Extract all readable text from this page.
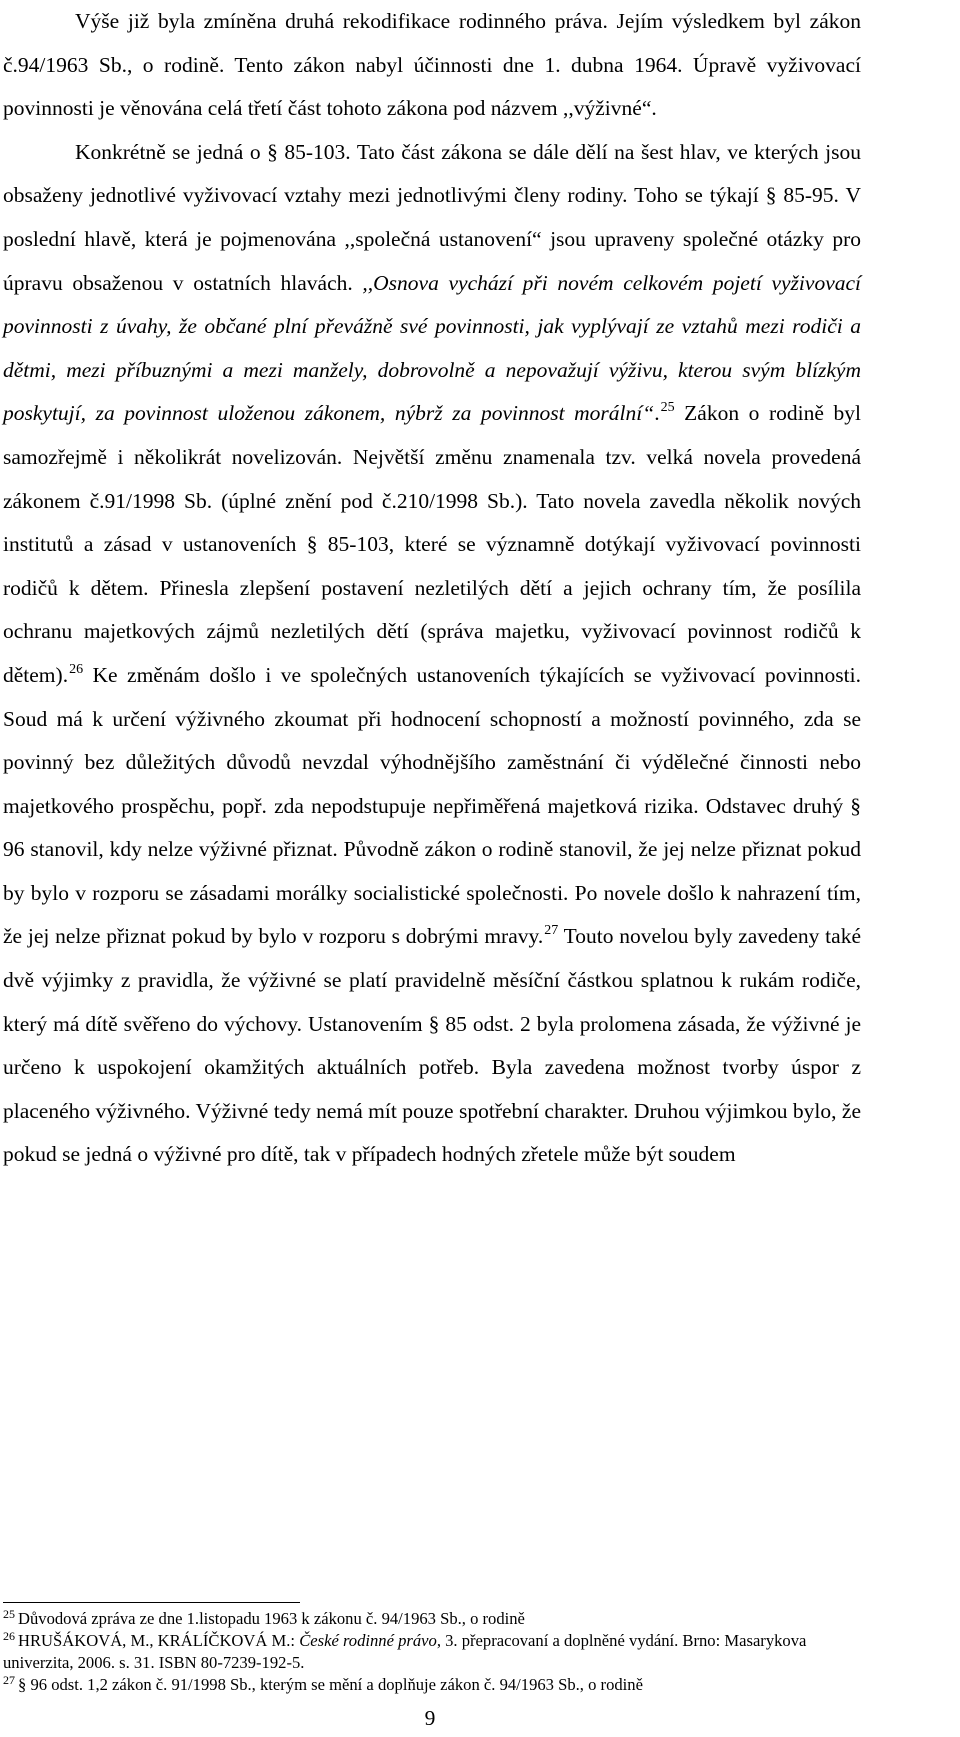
Výše již byla zmíněna druhá rekodifikace rodinného práva. Jejím výsledkem byl zákon č.94/1963 Sb., o rodině. Tento zákon nabyl účinnosti dne 1. dubna 1964. Úpravě vyživovací povinnosti je věnována celá třetí část tohoto zákona pod názvem ,,výživné“.

Konkrétně se jedná o § 85-103. Tato část zákona se dále dělí na šest hlav, ve kterých jsou obsaženy jednotlivé vyživovací vztahy mezi jednotlivými členy rodiny. Toho se týkají § 85-95. V poslední hlavě, která je pojmenována ,,společná ustanovení“ jsou upraveny společné otázky pro úpravu obsaženou v ostatních hlavách. ,,Osnova vychází při novém celkovém pojetí vyživovací povinnosti z úvahy, že občané plní převážně své povinnosti, jak vyplývají ze vztahů mezi rodiči a dětmi, mezi příbuznými a mezi manžely, dobrovolně a nepovažují výživu, kterou svým blízkým poskytují, za povinnost uloženou zákonem, nýbrž za povinnost morální“.$^{25}$ Zákon o rodině byl samozřejmě i několikrát novelizován. Největší změnu znamenala tzv. velká novela provedená zákonem č.91/1998 Sb. (úplné znění pod č.210/1998 Sb.). Tato novela zavedla několik nových institutů a zásad v ustanoveních § 85-103, které se významně dotýkají vyživovací povinnosti rodičů k dětem. Přinesla zlepšení postavení nezletilých dětí a jejich ochrany tím, že posílila ochranu majetkových zájmů nezletilých dětí (správa majetku, vyživovací povinnost rodičů k dětem).$^{26}$ Ke změnám došlo i ve společných ustanoveních týkajících se vyživovací povinnosti. Soud má k určení výživného zkoumat při hodnocení schopností a možností povinného, zda se povinný bez důležitých důvodů nevzdal výhodnějšího zaměstnání či výdělečné činnosti nebo majetkového prospěchu, popř. zda nepodstupuje nepřiměřená majetková rizika. Odstavec druhý § 96 stanovil, kdy nelze výživné přiznat. Původně zákon o rodině stanovil, že jej nelze přiznat pokud by bylo v rozporu se zásadami morálky socialistické společnosti. Po novele došlo k nahrazení tím, že jej nelze přiznat pokud by bylo v rozporu s dobrými mravy.$^{27}$ Touto novelou byly zavedeny také dvě výjimky z pravidla, že výživné se platí pravidelně měsíční částkou splatnou k rukám rodiče, který má dítě svěřeno do výchovy. Ustanovením § 85 odst. 2 byla prolomena zásada, že výživné je určeno k uspokojení okamžitých aktuálních potřeb. Byla zavedena možnost tvorby úspor z placeného výživného. Výživné tedy nemá mít pouze spotřební charakter. Druhou výjimkou bylo, že pokud se jedná o výživné pro dítě, tak v případech hodných zřetele může být soudem

$^{25}$ Důvodová zpráva ze dne 1.listopadu 1963 k zákonu č. 94/1963 Sb., o rodině

$^{26}$ HRUŠÁKOVÁ, M., KRÁLÍČKOVÁ M.: České rodinné právo, 3. přepracovaní a doplněné vydání. Brno: Masarykova univerzita, 2006. s. 31. ISBN 80-7239-192-5.

$^{27}$ § 96 odst. 1,2 zákon č. 91/1998 Sb., kterým se mění a doplňuje zákon č. 94/1963 Sb., o rodině

9
